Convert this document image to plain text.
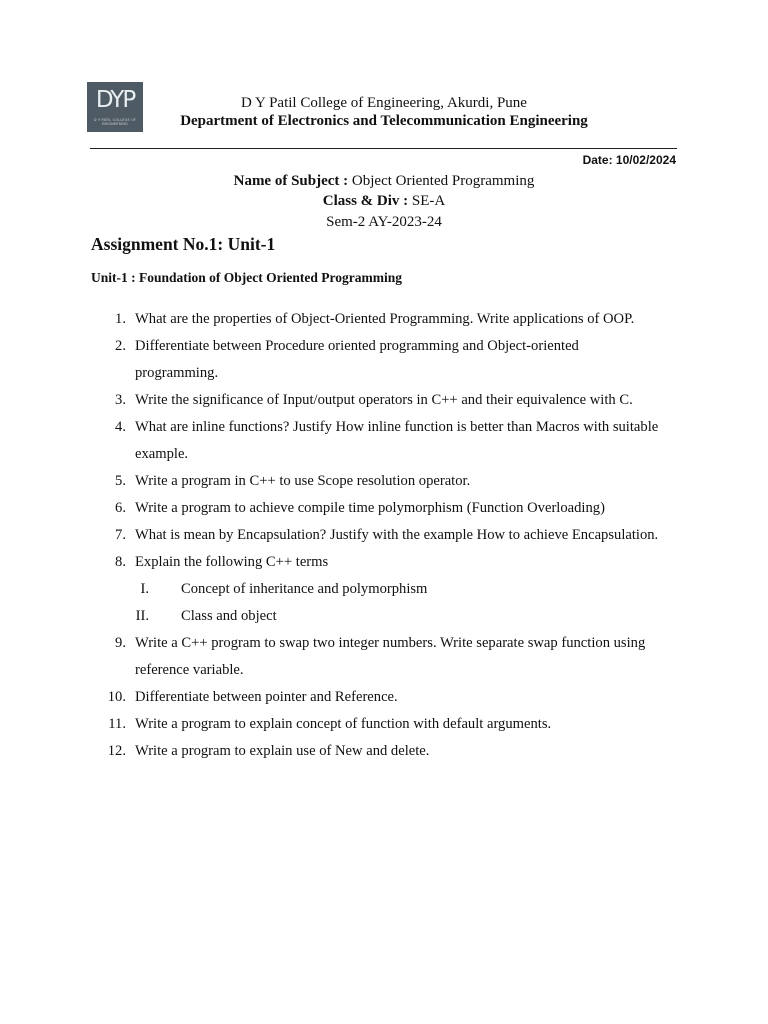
DYP
D Y PATIL COLLEGE OF ENGINEERING
D Y Patil College of Engineering, Akurdi, Pune
Department of Electronics and Telecommunication Engineering
Date: 10/02/2024
Name of Subject : Object Oriented Programming
Class & Div : SE-A
Sem-2 AY-2023-24
Assignment No.1: Unit-1
Unit-1 : Foundation of Object Oriented Programming
1. What are the properties of Object-Oriented Programming. Write applications of OOP.
2. Differentiate between Procedure oriented programming and Object-oriented
programming.
3. Write the significance of Input/output operators in C++ and their equivalence with C.
4. What are inline functions? Justify How inline function is better than Macros with suitable
example.
5. Write a program in C++ to use Scope resolution operator.
6. Write a program to achieve compile time polymorphism (Function Overloading)
7. What is mean by Encapsulation? Justify with the example How to achieve Encapsulation.
8. Explain the following C++ terms
I. Concept of inheritance and polymorphism
II. Class and object
9. Write a C++ program to swap two integer numbers. Write separate swap function using
reference variable.
10. Differentiate between pointer and Reference.
11. Write a program to explain concept of function with default arguments.
12. Write a program to explain use of New and delete.
